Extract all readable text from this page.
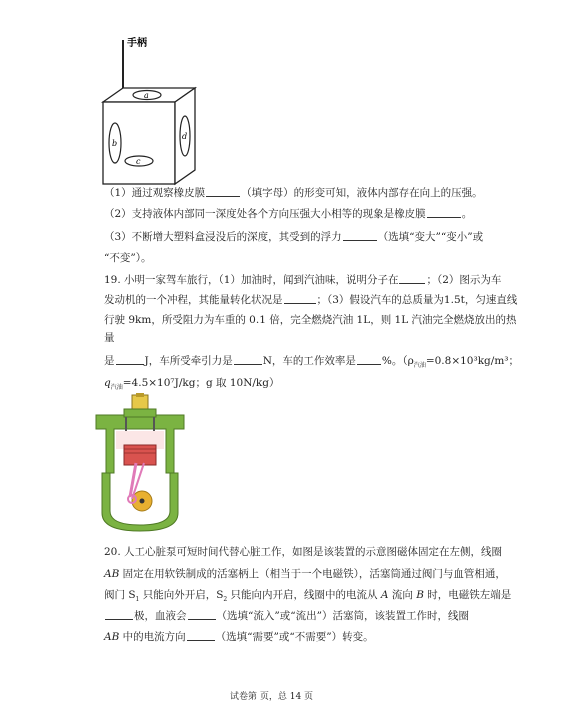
a
b
c
d
手柄
（1）通过观察橡皮膜	（填字母）的形变可知，液体内部存在向上的压强。
（2）支持液体内部同一深度处各个方向压强大小相等的现象是橡皮膜	。
（3）不断增大塑料盒浸没后的深度，其受到的浮力	（选填“变大”“变小”或
“不变”）。
19. 小明一家驾车旅行，（1）加油时，闻到汽油味，说明分子在	；（2）图示为车
发动机的一个冲程，其能量转化状况是	；（3）假设汽车的总质量为1.5t，匀速直线
行驶 9km，所受阻力为车重的 0.1 倍，完全燃烧汽油 1L，则 1L 汽油完全燃烧放出的热
量
是	J，车所受牵引力是	N，车的工作效率是 %。（$\rho_{汽油}=0.8\times 10^3kg/m^3$；
$q_{汽油}=4.5\times 10^7J/kg$；g 取 10N/kg）
20. 人工心脏泵可短时间代替心脏工作，如图是该装置的示意图磁体固定在左侧，线圈
AB 固定在用软铁制成的活塞柄上（相当于一个电磁铁），活塞筒通过阀门与血管相通，
阀门 $S_1$ 只能向外开启，$S_2$ 只能向内开启，线圈中的电流从 A 流向 B 时，电磁铁左端是
极，血液会	（选填“流入”或“流出”）活塞筒，该装置工作时，线圈
AB 中的电流方向	（选填“需要”或“不需要”）转变。
试卷第 页，总 14 页
